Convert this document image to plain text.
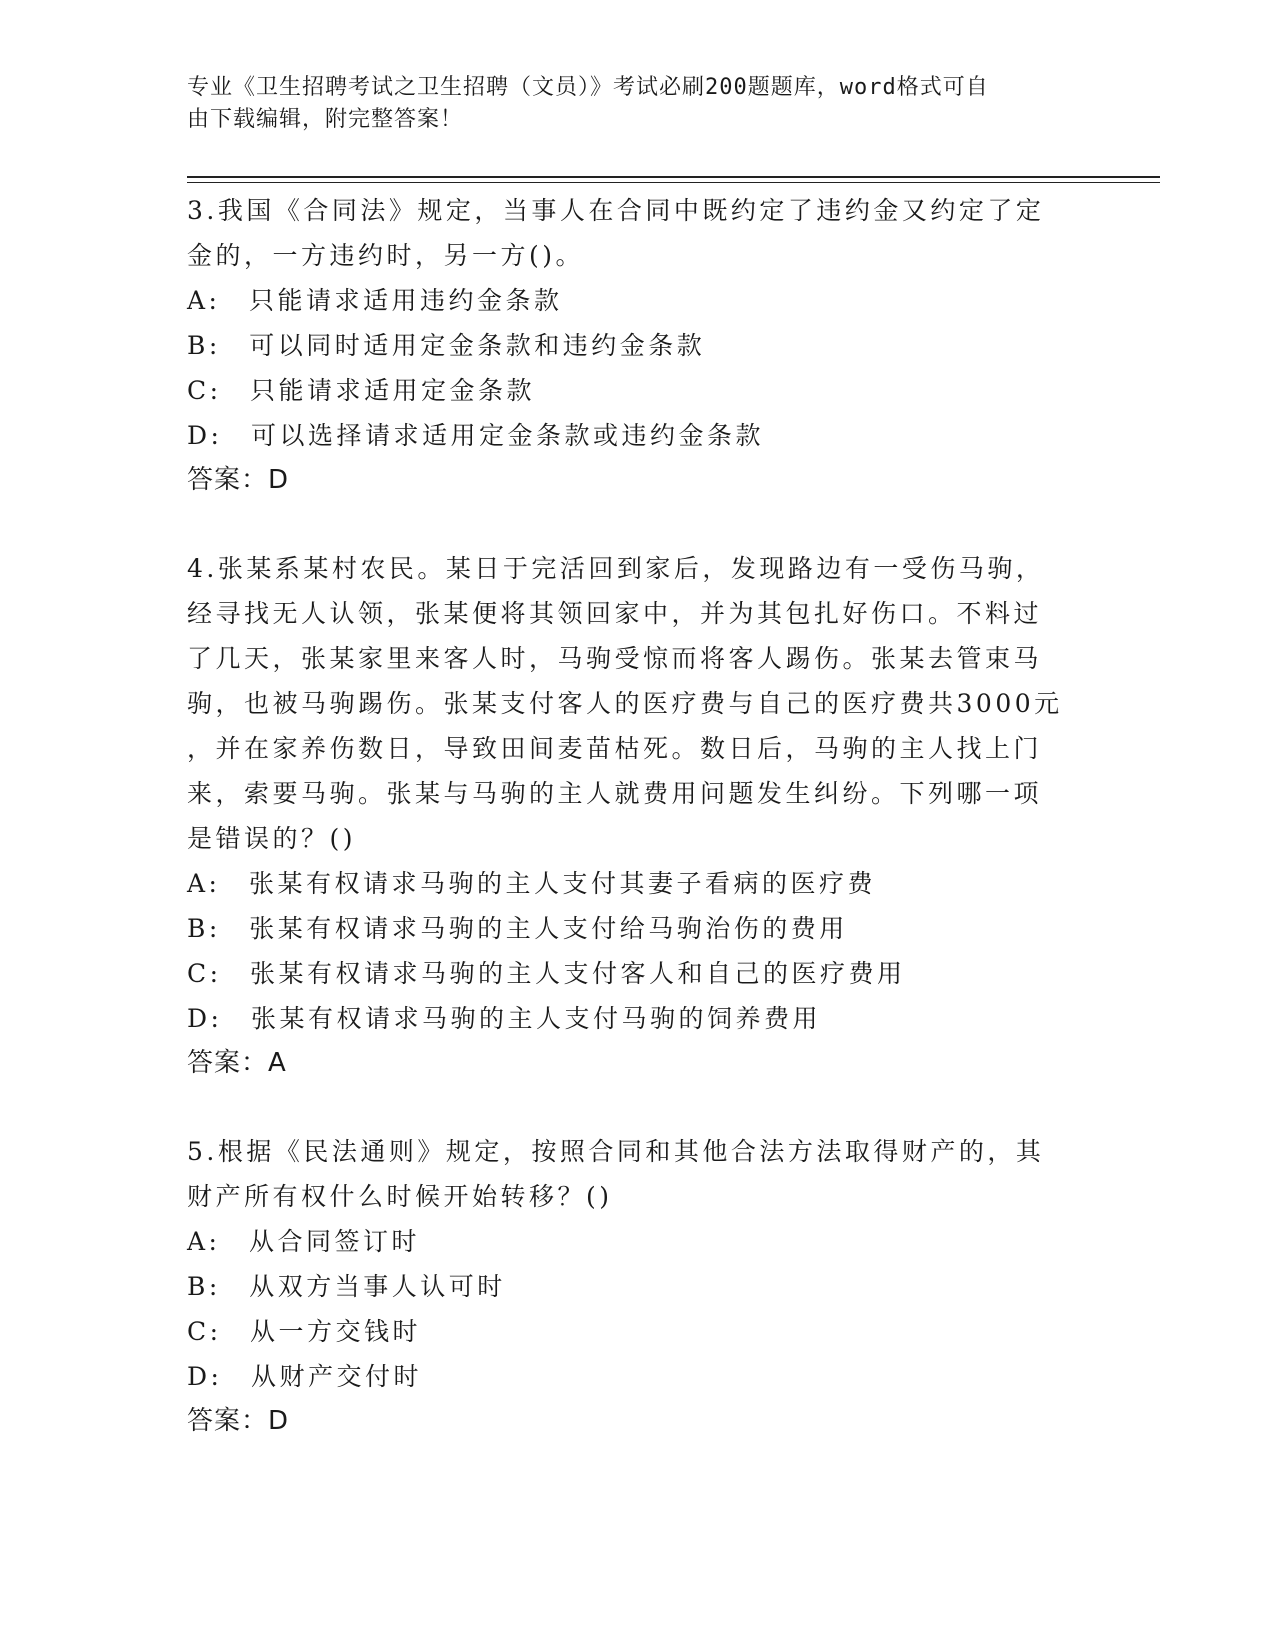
专业《卫生招聘考试之卫生招聘（文员）》考试必刷200题题库，word格式可自
由下载编辑，附完整答案！

3.我国《合同法》规定，当事人在合同中既约定了违约金又约定了定

金的，一方违约时，另一方()。

A:　只能请求适用违约金条款

B:　可以同时适用定金条款和违约金条款

C:　只能请求适用定金条款

D:　可以选择请求适用定金条款或违约金条款

答案：D

4.张某系某村农民。某日于完活回到家后，发现路边有一受伤马驹，

经寻找无人认领，张某便将其领回家中，并为其包扎好伤口。不料过

了几天，张某家里来客人时，马驹受惊而将客人踢伤。张某去管束马

驹，也被马驹踢伤。张某支付客人的医疗费与自己的医疗费共3000元

，并在家养伤数日，导致田间麦苗枯死。数日后，马驹的主人找上门

来，索要马驹。张某与马驹的主人就费用问题发生纠纷。下列哪一项

是错误的？()

A:　张某有权请求马驹的主人支付其妻子看病的医疗费

B:　张某有权请求马驹的主人支付给马驹治伤的费用

C:　张某有权请求马驹的主人支付客人和自己的医疗费用

D:　张某有权请求马驹的主人支付马驹的饲养费用

答案：A

5.根据《民法通则》规定，按照合同和其他合法方法取得财产的，其

财产所有权什么时候开始转移？()

A:　从合同签订时

B:　从双方当事人认可时

C:　从一方交钱时

D:　从财产交付时

答案：D
